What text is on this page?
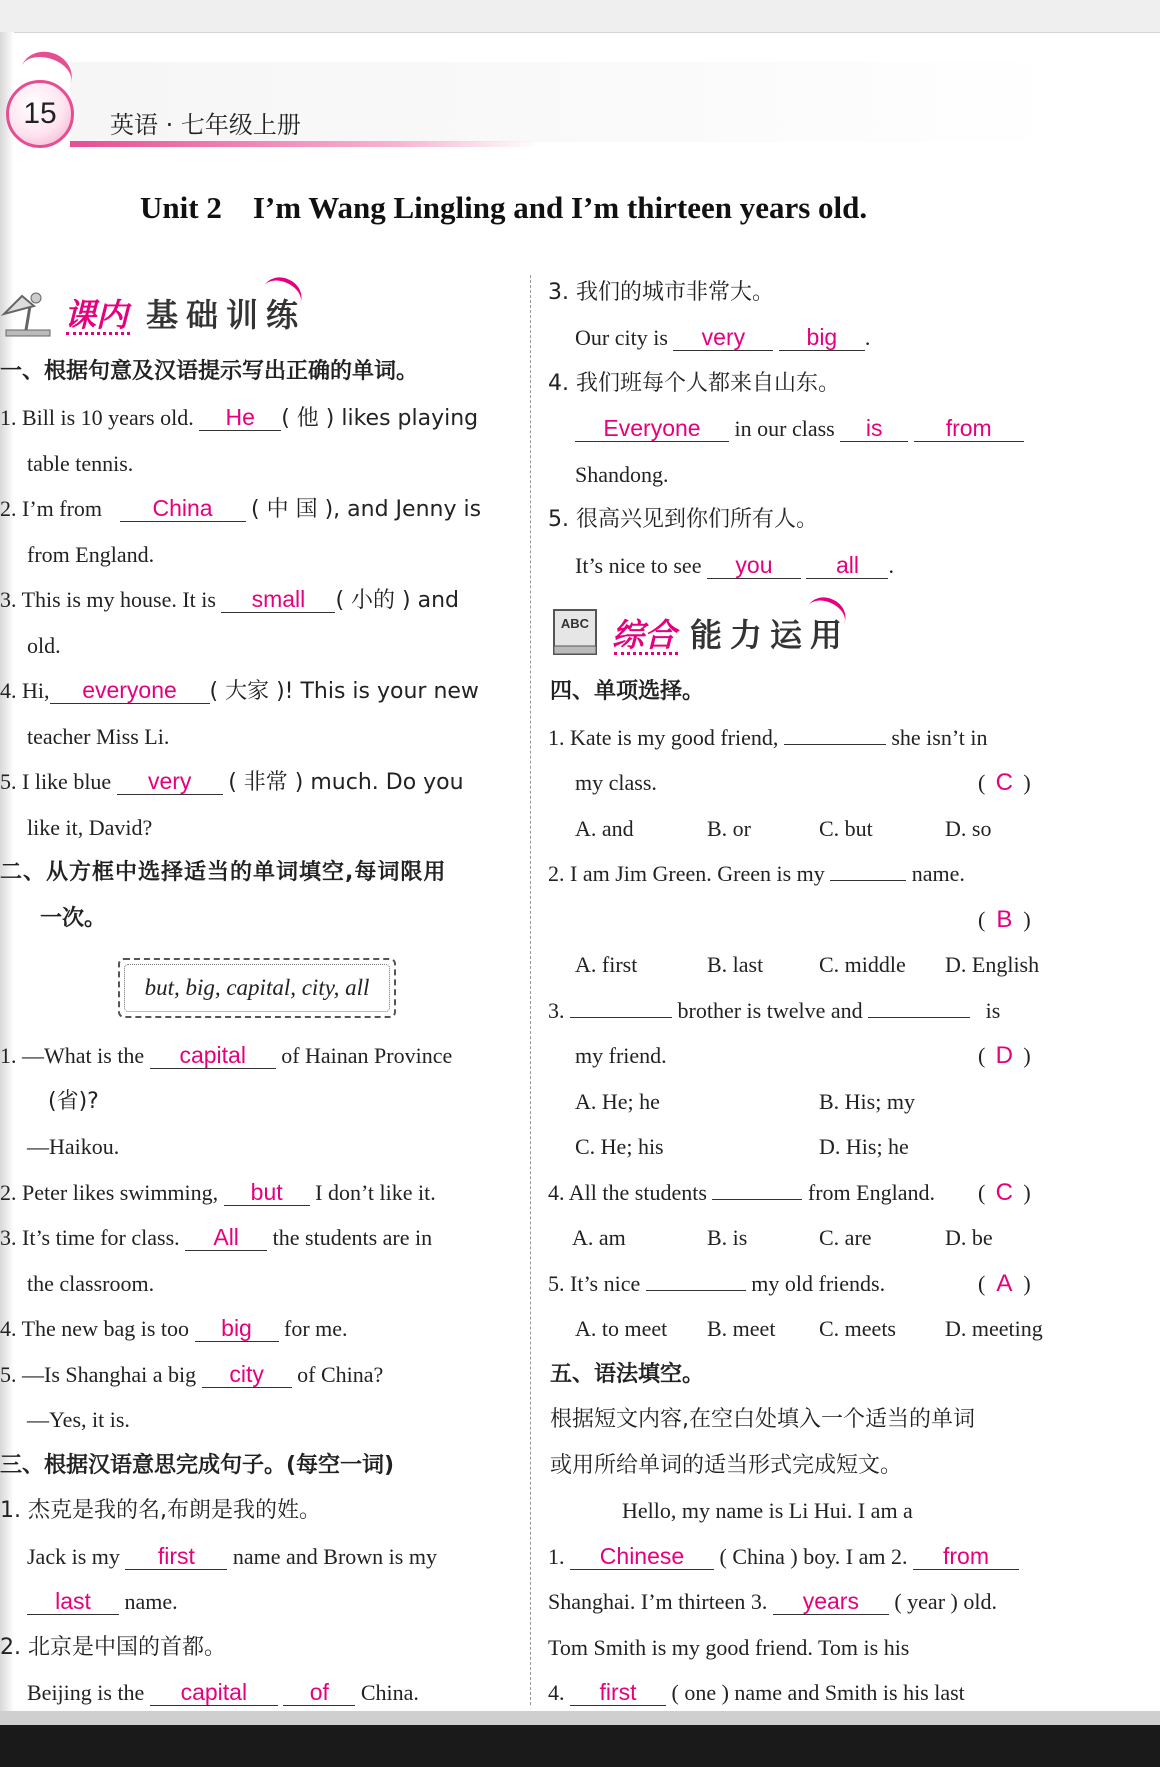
15 英语 · 七年级上册
Unit 2    I’m Wang Lingling and I’m thirteen years old.
课内 基础训练
一、根据句意及汉语提示写出正确的单词。
1. Bill is 10 years old. He ( 他 ) likes playing
table tennis.
2. I’m from China ( 中 国 ), and Jenny is
from England.
3. This is my house. It is small ( 小的 ) and
old.
4. Hi, everyone ( 大家 )! This is your new
teacher Miss Li.
5. I like blue very ( 非常 ) much. Do you
like it, David?
二、从方框中选择适当的单词填空,每词限用
一次。
but, big, capital, city, all
1. —What is the capital of Hainan Province
(省)?
—Haikou.
2. Peter likes swimming, but I don’t like it.
3. It’s time for class. All the students are in
the classroom.
4. The new bag is too big for me.
5. —Is Shanghai a big city of China?
—Yes, it is.
三、根据汉语意思完成句子。(每空一词)
1. 杰克是我的名,布朗是我的姓。
Jack is my first name and Brown is my
last name.
2. 北京是中国的首都。
Beijing is the capital	of China.
3. 我们的城市非常大。
Our city is very	big .
4. 我们班每个人都来自山东。
Everyone in our class is	from
Shandong.
5. 很高兴见到你们所有人。
It’s nice to see you	all .
ABC 综合 能力运用
四、单项选择。
1. Kate is my good friend,	she isn’t in
my class.	( C )
A. and	B. or	C. but	D. so
2. I am Jim Green. Green is my	name.
( B )
A. first	B. last	C. middle D. English
3.	brother is twelve and	is
my friend.	( D )
A. He; he	B. His; my
C. He; his	D. His; he
4. All the students	from England. ( C )
A. am	B. is	C. are	D. be
5. It’s nice	my old friends.	( A )
A. to meet B. meet C. meets D. meeting
五、语法填空。
根据短文内容,在空白处填入一个适当的单词
或用所给单词的适当形式完成短文。
Hello, my name is Li Hui. I am a
1. Chinese ( China ) boy. I am 2. from
Shanghai. I’m thirteen 3. years ( year ) old.
Tom Smith is my good friend. Tom is his
4. first ( one ) name and Smith is his last
